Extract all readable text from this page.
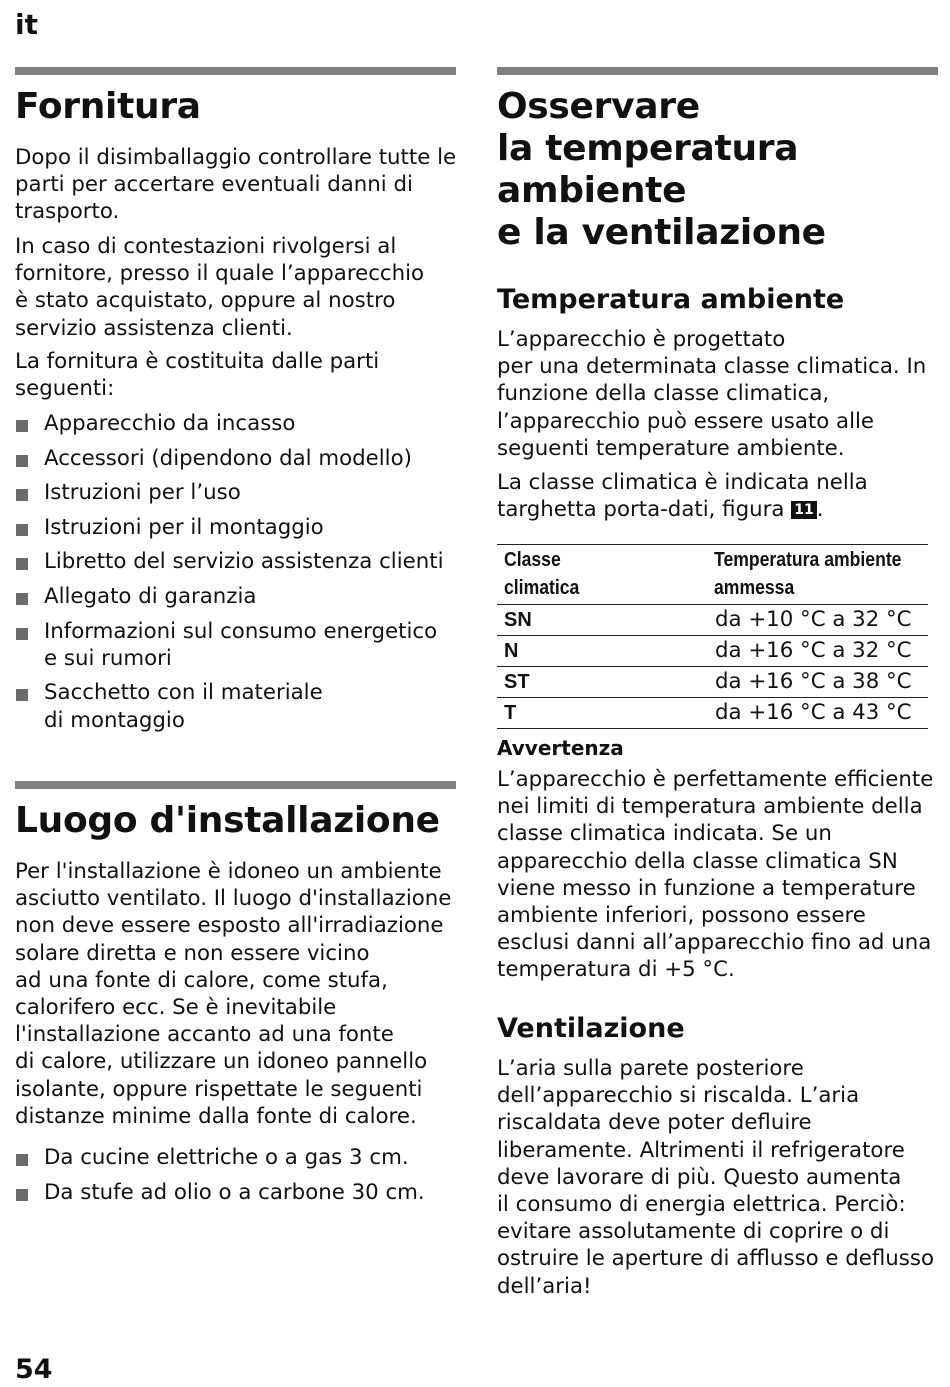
it
Fornitura

Dopo il disimballaggio controllare tutte le
parti per accertare eventuali danni di
trasporto.

In caso di contestazioni rivolgersi al
fornitore, presso il quale l’apparecchio
è stato acquistato, oppure al nostro
servizio assistenza clienti.

La fornitura è costituita dalle parti
seguenti:

Apparecchio da incasso
Accessori (dipendono dal modello)
Istruzioni per l’uso
Istruzioni per il montaggio
Libretto del servizio assistenza clienti
Allegato di garanzia
Informazioni sul consumo energetico
e sui rumori
Sacchetto con il materiale
di montaggio
Luogo d'installazione

Per l'installazione è idoneo un ambiente
asciutto ventilato. Il luogo d'installazione
non deve essere esposto all'irradiazione
solare diretta e non essere vicino
ad una fonte di calore, come stufa,
calorifero ecc. Se è inevitabile
l'installazione accanto ad una fonte
di calore, utilizzare un idoneo pannello
isolante, oppure rispettate le seguenti
distanze minime dalla fonte di calore.

Da cucine elettriche o a gas 3 cm.
Da stufe ad olio o a carbone 30 cm.
Osservare
la temperatura
ambiente
e la ventilazione
Temperatura ambiente

L’apparecchio è progettato
per una determinata classe climatica. In
funzione della classe climatica,
l’apparecchio può essere usato alle
seguenti temperature ambiente.

La classe climatica è indicata nella
targhetta porta-dati, figura 11 .

Classe
climatica	Temperatura ambiente
ammessa
SN	da +10 °C a 32 °C
N	da +16 °C a 32 °C
ST	da +16 °C a 38 °C
T	da +16 °C a 43 °C
Avvertenza

L’apparecchio è perfettamente efficiente
nei limiti di temperatura ambiente della
classe climatica indicata. Se un
apparecchio della classe climatica SN
viene messo in funzione a temperature
ambiente inferiori, possono essere
esclusi danni all’apparecchio fino ad una
temperatura di +5 °C.

Ventilazione

L’aria sulla parete posteriore
dell’apparecchio si riscalda. L’aria
riscaldata deve poter defluire
liberamente. Altrimenti il refrigeratore
deve lavorare di più. Questo aumenta
il consumo di energia elettrica. Perciò:
evitare assolutamente di coprire o di
ostruire le aperture di afflusso e deflusso
dell’aria!

54
